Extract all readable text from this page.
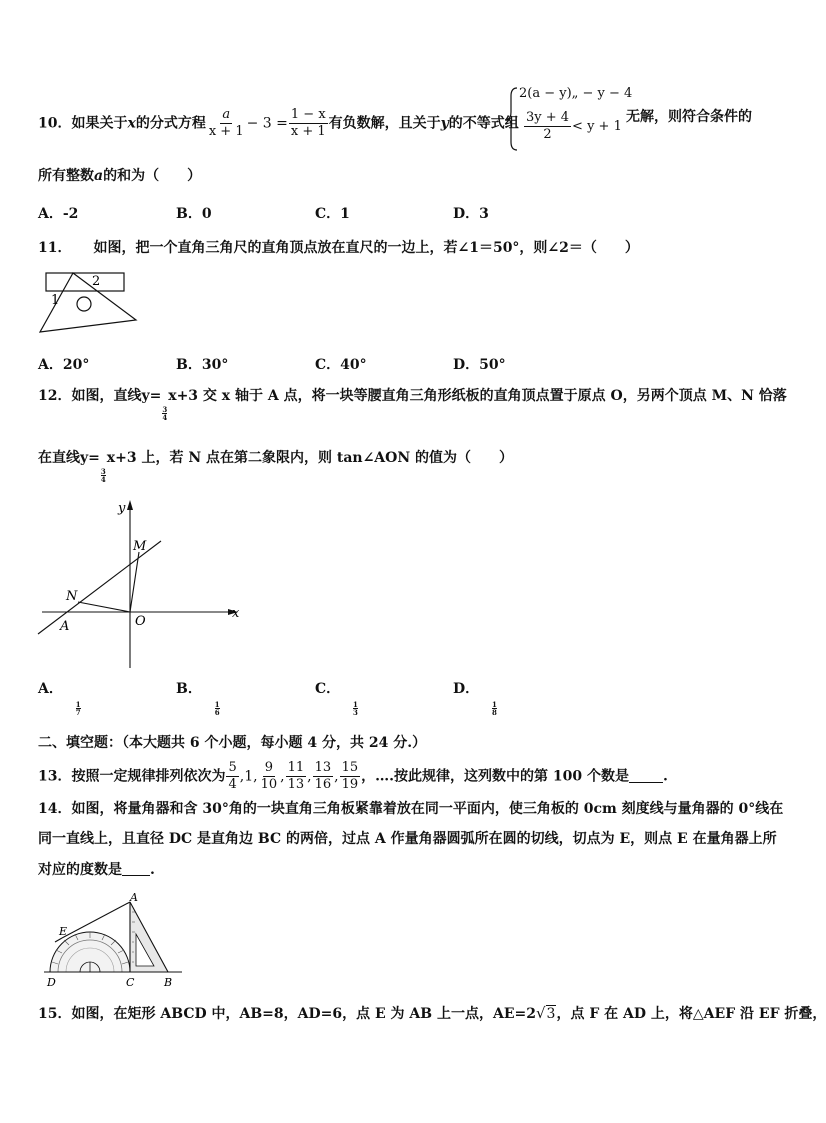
10．如果关于x的分式方程 $\frac{a}{x + 1} - 3 = \frac{1 - x}{x + 1}$ 有负数解，且关于y的不等式组
2(a − y)„ − y − 4
$\frac{3y + 4}{2} < y + 1$
无解，则符合条件的
所有整数a的和为（　　）
A．-2	B．0	C．1	D．3
11． 如图，把一个直角三角尺的直角顶点放在直尺的一边上，若∠1＝50°，则∠2＝（　　）
2
1
A．20°	B．30°	C．40°	D．50°
12．如图，直线y=
$\frac{3}{4}$
x+3 交 x 轴于 A 点，将一块等腰直角三角形纸板的直角顶点置于原点 O，另两个顶点 M、N 恰落
在直线y=
$\frac{3}{4}$
x+3 上，若 N 点在第二象限内，则 tan∠AON 的值为（　　）
y
x
M
N
A	O
A．
$\frac{1}{7}$
B．
$\frac{1}{6}$
C．
$\frac{1}{3}$
D．
$\frac{1}{8}$
二、填空题：（本大题共 6 个小题，每小题 4 分，共 24 分.）
13．按照一定规律排列依次为 $\frac{5}{4} ,1$, $\frac{9}{10}$ , $\frac{11}{13}$ , $\frac{13}{16}$ , $\frac{15}{19}$ ，….按此规律，这列数中的第 100 个数是 .
14．如图，将量角器和含 30°角的一块直角三角板紧靠着放在同一平面内，使三角板的 0cm 刻度线与量角器的 0°线在
同一直线上，且直径 DC 是直角边 BC 的两倍，过点 A 作量角器圆弧所在圆的切线，切点为 E，则点 E 在量角器上所
对应的度数是 .
A
E
D	C	B
15．如图，在矩形 ABCD 中，AB=8，AD=6，点 E 为 AB 上一点，AE=2√3，点 F 在 AD 上，将△AEF 沿 EF 折叠，
